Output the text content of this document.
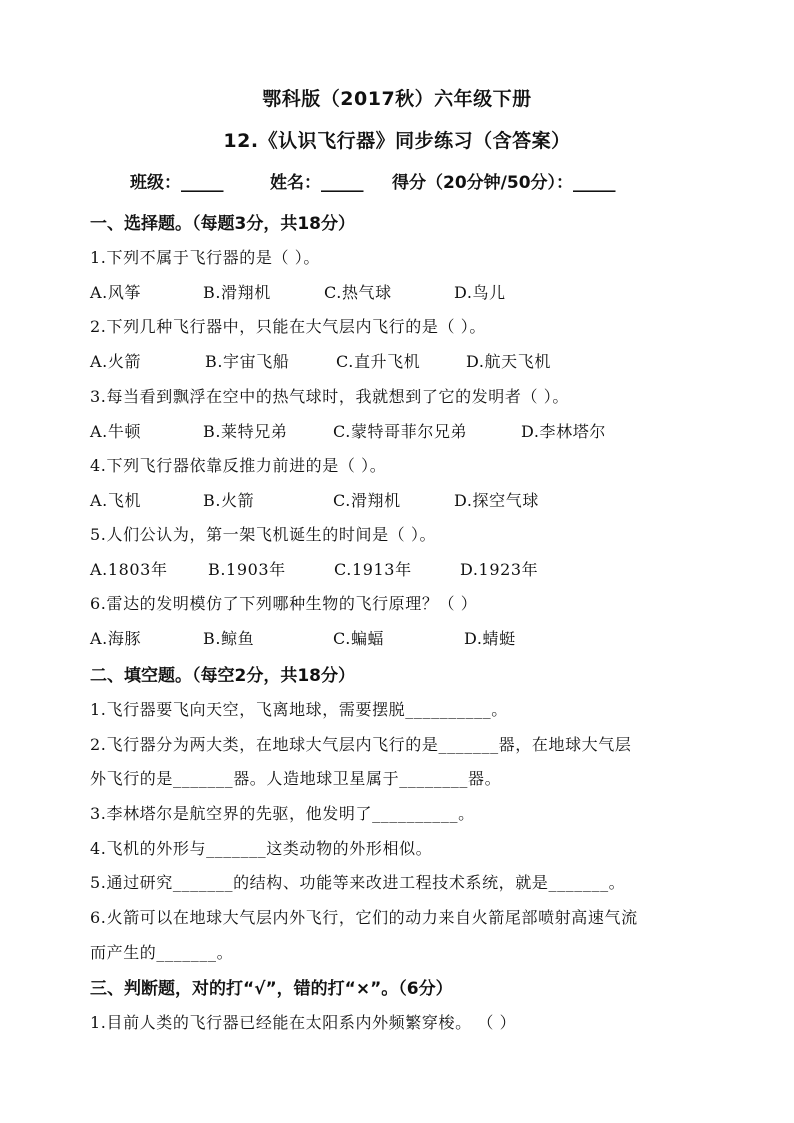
鄂科版（2017秋）六年级下册
12.《认识飞行器》同步练习（含答案）
班级：_____	姓名：_____ 得分（20分钟/50分）：_____
一、选择题。（每题3分，共18分）
1.下列不属于飞行器的是（ ）。
A.风筝	B.滑翔机	C.热气球	D.鸟儿
2.下列几种飞行器中，只能在大气层内飞行的是（ ）。
A.火箭	B.宇宙飞船	C.直升飞机	D.航天飞机
3.每当看到飘浮在空中的热气球时，我就想到了它的发明者（ ）。
A.牛顿	B.莱特兄弟	C.蒙特哥菲尔兄弟	D.李林塔尔
4.下列飞行器依靠反推力前进的是（ ）。
A.飞机	B.火箭	C.滑翔机	D.探空气球
5.人们公认为，第一架飞机诞生的时间是（ ）。
A.1803年	B.1903年	C.1913年	D.1923年
6.雷达的发明模仿了下列哪种生物的飞行原理？（ ）
A.海豚	B.鲸鱼	C.蝙蝠	D.蜻蜓
二、填空题。（每空2分，共18分）
1.飞行器要飞向天空，飞离地球，需要摆脱__________。
2.飞行器分为两大类，在地球大气层内飞行的是_______器，在地球大气层
外飞行的是_______器。人造地球卫星属于________器。
3.李林塔尔是航空界的先驱，他发明了__________。
4.飞机的外形与_______这类动物的外形相似。
5.通过研究_______的结构、功能等来改进工程技术系统，就是_______。
6.火箭可以在地球大气层内外飞行，它们的动力来自火箭尾部喷射高速气流
而产生的_______。
三、判断题，对的打“√”，错的打“×”。（6分）
1.目前人类的飞行器已经能在太阳系内外频繁穿梭。 （ ）
